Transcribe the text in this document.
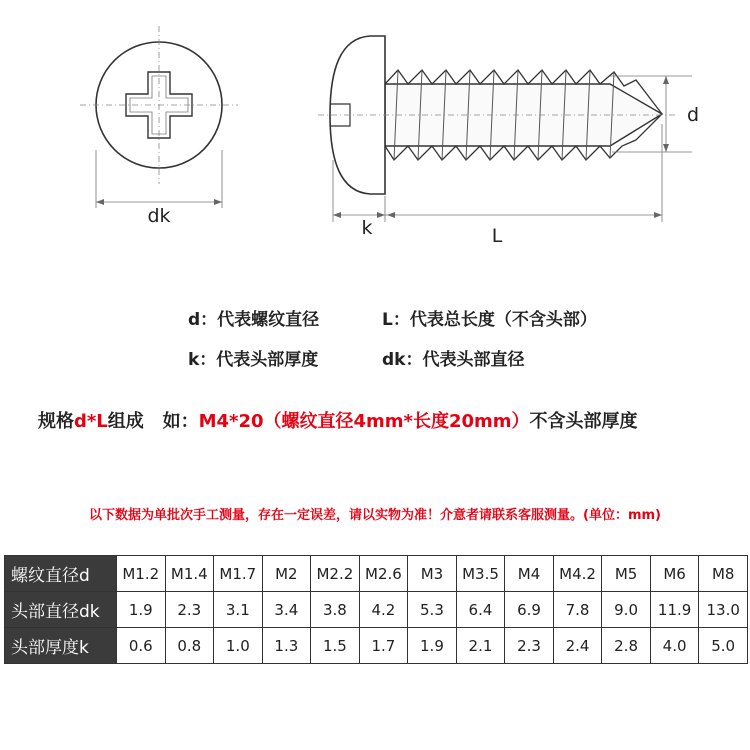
dk
k	L
d
d：代表螺纹直径	L：代表总长度（不含头部）
k：代表头部厚度	dk：代表头部直径
规格d*L组成   如：M4*20（螺纹直径4mm*长度20mm）不含头部厚度
以下数据为单批次手工测量，存在一定误差，请以实物为准！介意者请联系客服测量。(单位：mm)
螺纹直径d	M1.2	M1.4	M1.7	M2	M2.2	M2.6	M3	M3.5	M4	M4.2	M5	M6	M8
头部直径dk	1.9	2.3	3.1	3.4	3.8	4.2	5.3	6.4	6.9	7.8	9.0	11.9	13.0
头部厚度k	0.6	0.8	1.0	1.3	1.5	1.7	1.9	2.1	2.3	2.4	2.8	4.0	5.0
